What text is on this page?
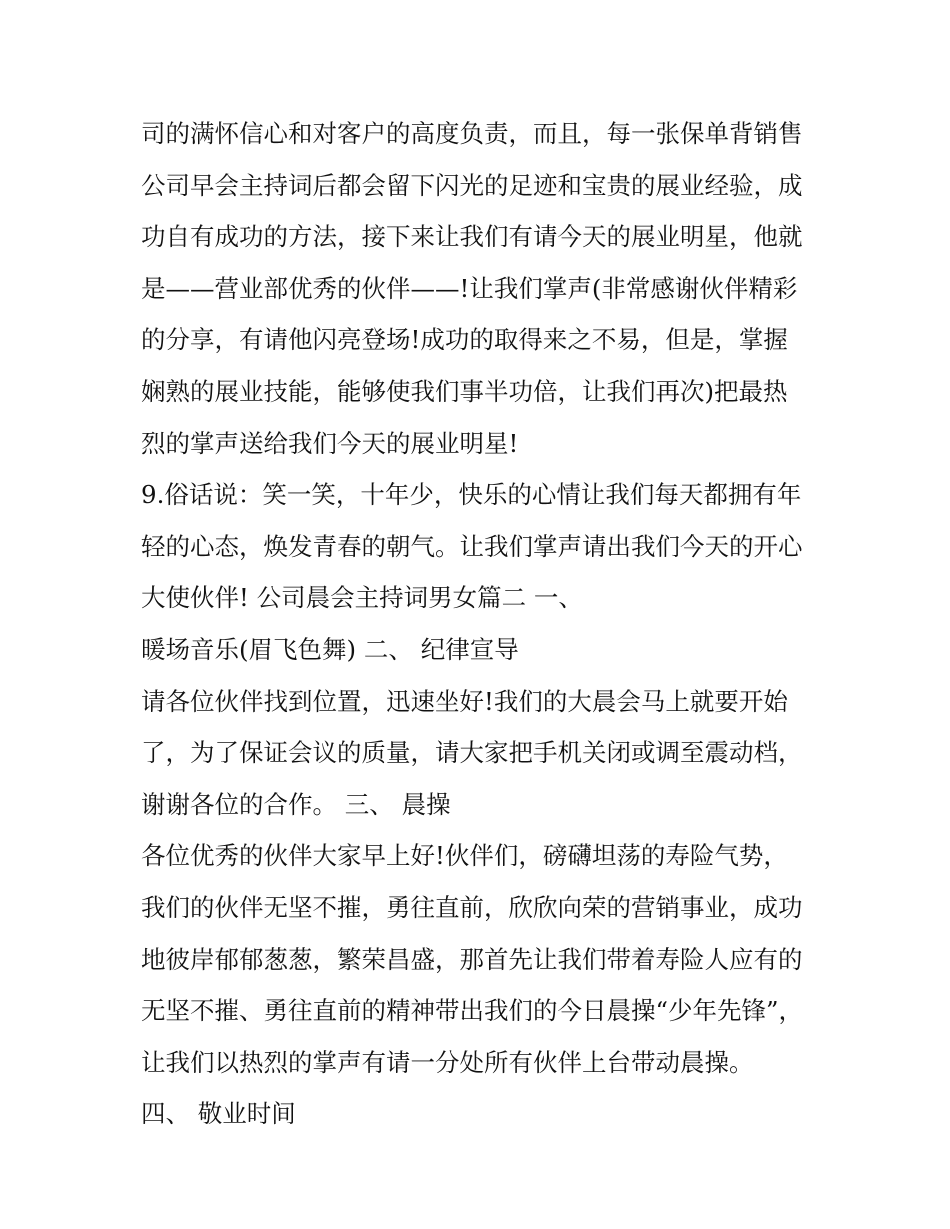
司的满怀信心和对客户的高度负责，而且，每一张保单背销售
公司早会主持词后都会留下闪光的足迹和宝贵的展业经验，成
功自有成功的方法，接下来让我们有请今天的展业明星，他就
是——营业部优秀的伙伴——!让我们掌声(非常感谢伙伴精彩
的分享，有请他闪亮登场!成功的取得来之不易，但是，掌握
娴熟的展业技能，能够使我们事半功倍，让我们再次)把最热
烈的掌声送给我们今天的展业明星!
9.俗话说：笑一笑，十年少，快乐的心情让我们每天都拥有年
轻的心态，焕发青春的朝气。让我们掌声请出我们今天的开心
大使伙伴! 公司晨会主持词男女篇二 一、
暖场音乐(眉飞色舞) 二、 纪律宣导
请各位伙伴找到位置，迅速坐好!我们的大晨会马上就要开始
了，为了保证会议的质量，请大家把手机关闭或调至震动档，
谢谢各位的合作。 三、 晨操
各位优秀的伙伴大家早上好!伙伴们，磅礴坦荡的寿险气势，
我们的伙伴无坚不摧，勇往直前，欣欣向荣的营销事业，成功
地彼岸郁郁葱葱，繁荣昌盛，那首先让我们带着寿险人应有的
无坚不摧、勇往直前的精神带出我们的今日晨操“少年先锋”，
让我们以热烈的掌声有请一分处所有伙伴上台带动晨操。
四、 敬业时间
